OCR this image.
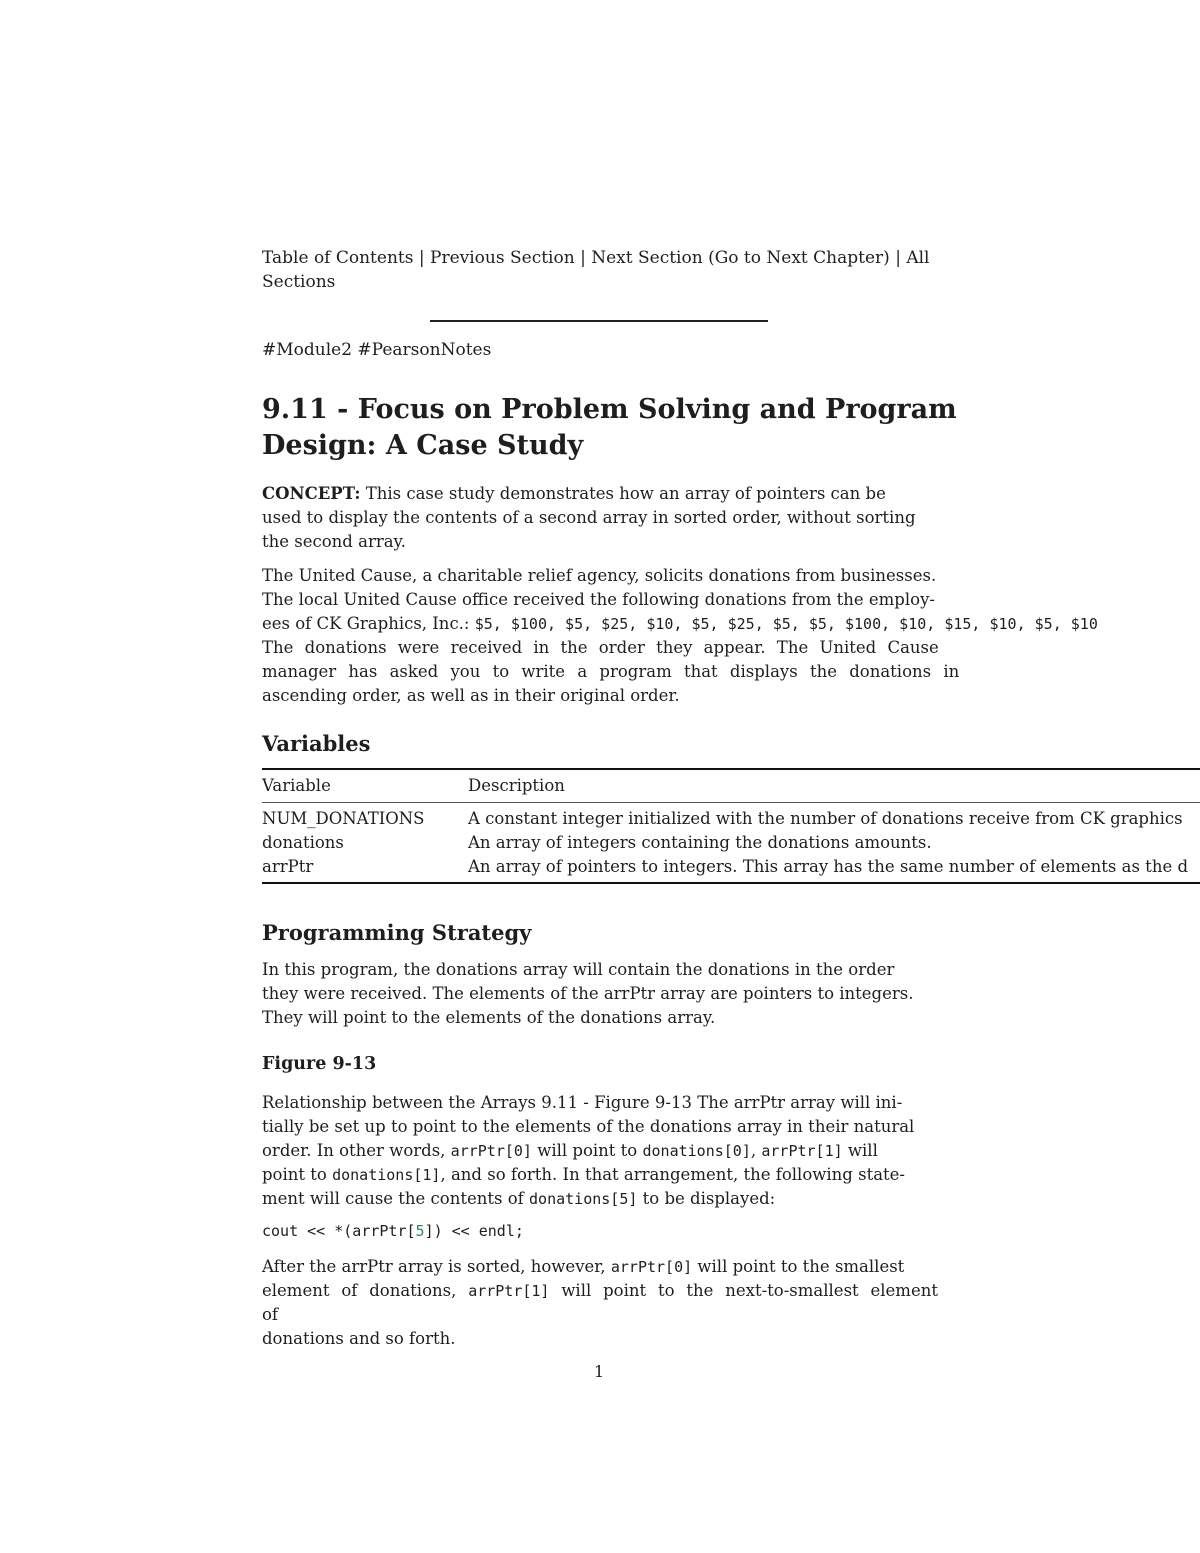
Table of Contents | Previous Section | Next Section (Go to Next Chapter) | All
Sections
#Module2 #PearsonNotes
9.11 - Focus on Problem Solving and Program
Design: A Case Study
CONCEPT: This case study demonstrates how an array of pointers can be
used to display the contents of a second array in sorted order, without sorting
the second array.
The United Cause, a charitable relief agency, solicits donations from businesses.
The local United Cause office received the following donations from the employ-
ees of CK Graphics, Inc.: $5, $100, $5, $25, $10, $5, $25, $5, $5, $100, $10, $15, $10, $5, $10
The donations were received in the order they appear. The United Cause
manager has asked you to write a program that displays the donations in
ascending order, as well as in their original order.
Variables
Variable	Description
NUM_DONATIONS	A constant integer initialized with the number of donations receive from CK graphics
donations	An array of integers containing the donations amounts.
arrPtr	An array of pointers to integers. This array has the same number of elements as the d
Programming Strategy
In this program, the donations array will contain the donations in the order
they were received. The elements of the arrPtr array are pointers to integers.
They will point to the elements of the donations array.
Figure 9-13
Relationship between the Arrays 9.11 - Figure 9-13 The arrPtr array will ini-
tially be set up to point to the elements of the donations array in their natural
order. In other words, arrPtr[0] will point to donations[0], arrPtr[1] will
point to donations[1], and so forth. In that arrangement, the following state-
ment will cause the contents of donations[5] to be displayed:
cout << *(arrPtr[5]) << endl;
After the arrPtr array is sorted, however, arrPtr[0] will point to the smallest
element of donations, arrPtr[1] will point to the next-to-smallest element of
donations and so forth.
1
